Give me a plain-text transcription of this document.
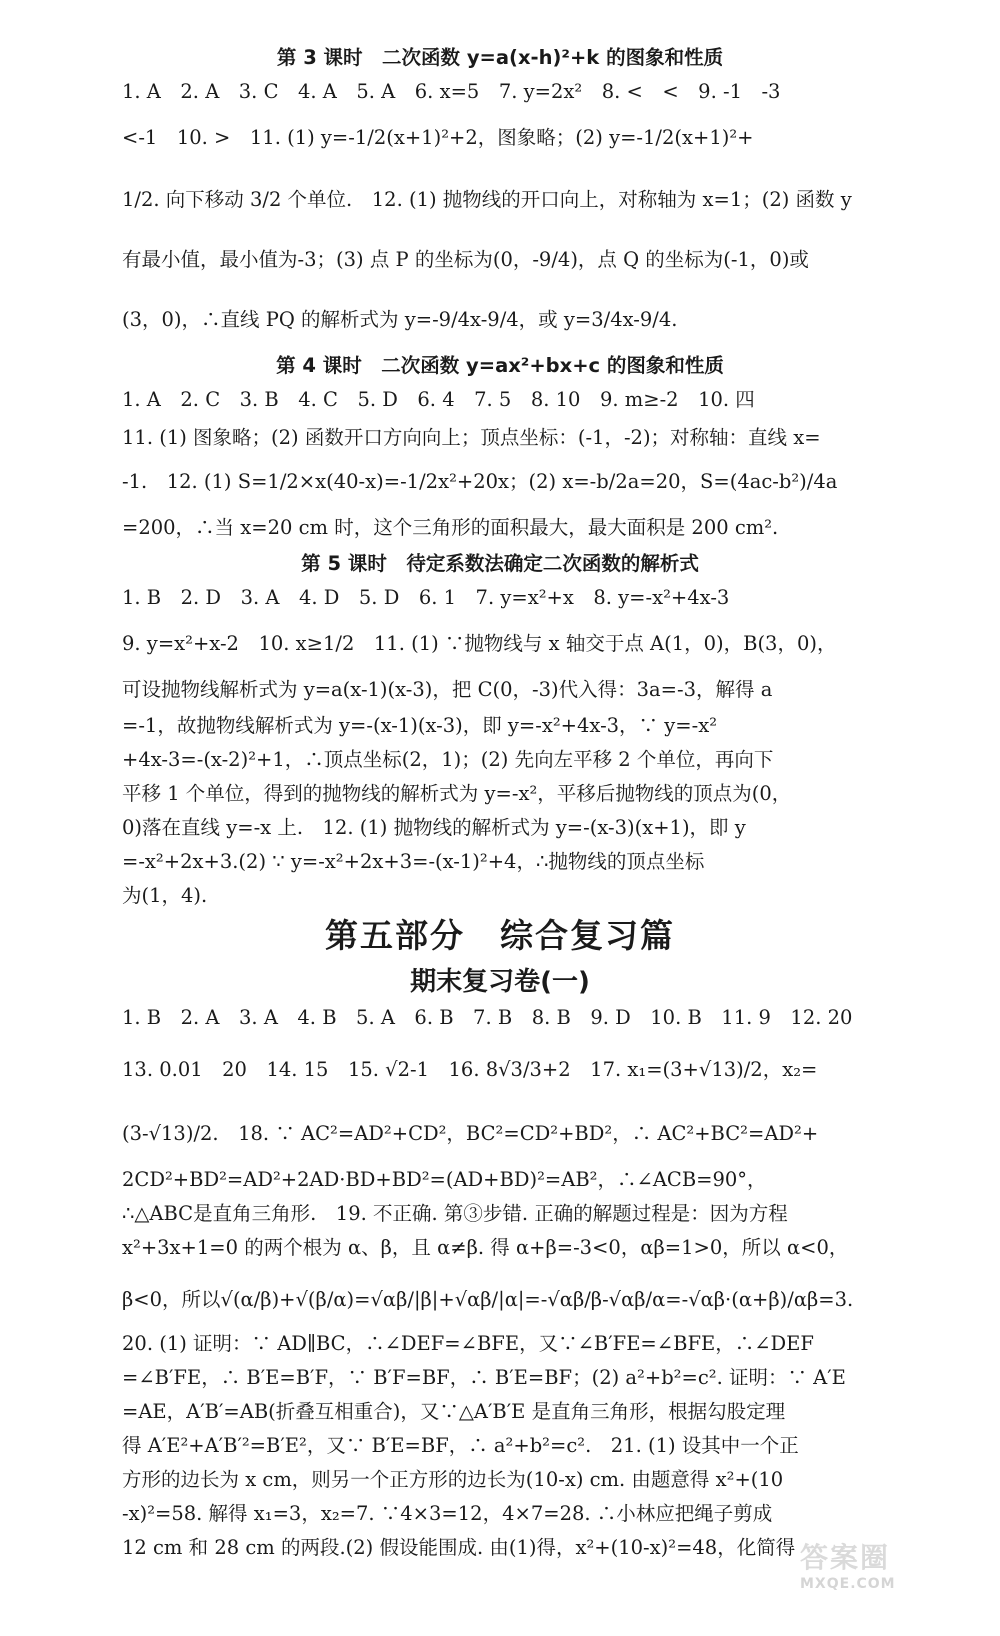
第 3 课时　二次函数 y=a(x-h)²+k 的图象和性质
1. A　2. A　3. C　4. A　5. A　6. x=5　7. y=2x²　8. <　<　9. -1　-3
<-1　10. >　11. (1) y=-1/2(x+1)²+2，图象略；(2) y=-1/2(x+1)²+
1/2. 向下移动 3/2 个单位.　12. (1) 抛物线的开口向上，对称轴为 x=1；(2) 函数 y
有最小值，最小值为-3；(3) 点 P 的坐标为(0，-9/4)，点 Q 的坐标为(-1，0)或
(3，0)，∴直线 PQ 的解析式为 y=-9/4x-9/4，或 y=3/4x-9/4.
第 4 课时　二次函数 y=ax²+bx+c 的图象和性质
1. A　2. C　3. B　4. C　5. D　6. 4　7. 5　8. 10　9. m≥-2　10. 四
11. (1) 图象略；(2) 函数开口方向向上；顶点坐标：(-1，-2)；对称轴：直线 x=
-1.　12. (1) S=1/2×x(40-x)=-1/2x²+20x；(2) x=-b/2a=20，S=(4ac-b²)/4a
=200，∴当 x=20 cm 时，这个三角形的面积最大，最大面积是 200 cm².
第 5 课时　待定系数法确定二次函数的解析式
1. B　2. D　3. A　4. D　5. D　6. 1　7. y=x²+x　8. y=-x²+4x-3
9. y=x²+x-2　10. x≥1/2　11. (1) ∵抛物线与 x 轴交于点 A(1，0)，B(3，0)，
可设抛物线解析式为 y=a(x-1)(x-3)，把 C(0，-3)代入得：3a=-3，解得 a
=-1，故抛物线解析式为 y=-(x-1)(x-3)，即 y=-x²+4x-3，∵ y=-x²
+4x-3=-(x-2)²+1，∴顶点坐标(2，1)；(2) 先向左平移 2 个单位，再向下
平移 1 个单位，得到的抛物线的解析式为 y=-x²，平移后抛物线的顶点为(0，
0)落在直线 y=-x 上.　12. (1) 抛物线的解析式为 y=-(x-3)(x+1)，即 y
=-x²+2x+3.(2) ∵ y=-x²+2x+3=-(x-1)²+4，∴抛物线的顶点坐标
为(1，4).
第五部分　综合复习篇
期末复习卷(一)
1. B　2. A　3. A　4. B　5. A　6. B　7. B　8. B　9. D　10. B　11. 9　12. 20
13. 0.01　20　14. 15　15. √2-1　16. 8√3/3+2　17. x₁=(3+√13)/2，x₂=
(3-√13)/2.　18. ∵ AC²=AD²+CD²，BC²=CD²+BD²，∴ AC²+BC²=AD²+
2CD²+BD²=AD²+2AD·BD+BD²=(AD+BD)²=AB²，∴∠ACB=90°，
∴△ABC是直角三角形.　19. 不正确. 第③步错. 正确的解题过程是：因为方程
x²+3x+1=0 的两个根为 α、β，且 α≠β. 得 α+β=-3<0，αβ=1>0，所以 α<0，
β<0，所以√(α/β)+√(β/α)=√αβ/|β|+√αβ/|α|=-√αβ/β-√αβ/α=-√αβ·(α+β)/αβ=3.
20. (1) 证明：∵ AD∥BC，∴∠DEF=∠BFE，又∵∠B′FE=∠BFE，∴∠DEF
=∠B′FE，∴ B′E=B′F，∵ B′F=BF，∴ B′E=BF；(2) a²+b²=c². 证明：∵ A′E
=AE，A′B′=AB(折叠互相重合)，又∵△A′B′E 是直角三角形，根据勾股定理
得 A′E²+A′B′²=B′E²，又∵ B′E=BF，∴ a²+b²=c².　21. (1) 设其中一个正
方形的边长为 x cm，则另一个正方形的边长为(10-x) cm. 由题意得 x²+(10
-x)²=58. 解得 x₁=3，x₂=7. ∵4×3=12，4×7=28. ∴小林应把绳子剪成
12 cm 和 28 cm 的两段.(2) 假设能围成. 由(1)得，x²+(10-x)²=48，化简得 答案圈
MXQE.COM
